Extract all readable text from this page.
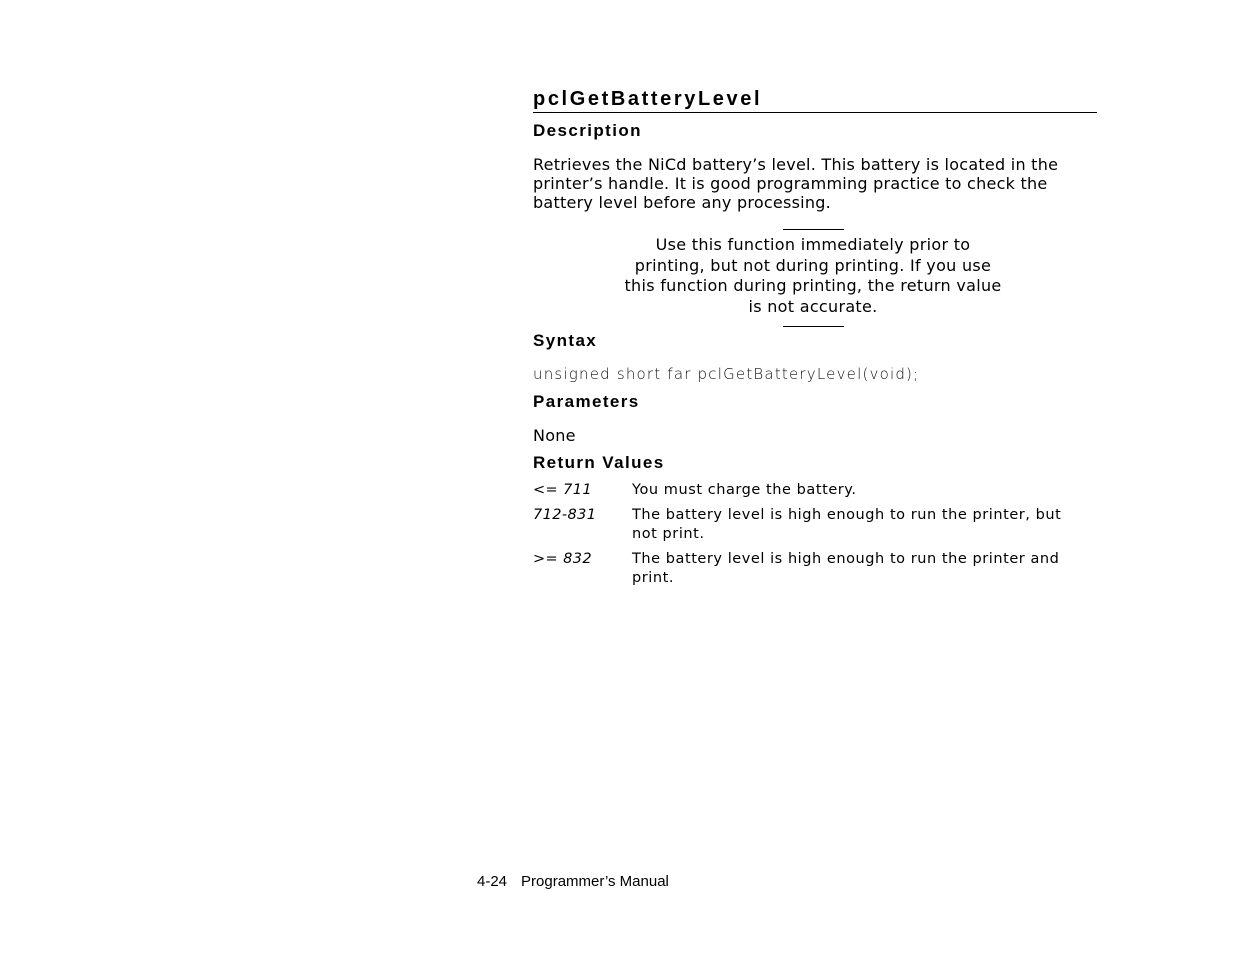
pclGetBatteryLevel
Description
Retrieves the NiCd battery’s level. This battery is located in the
printer’s handle. It is good programming practice to check the
battery level before any processing.
Use this function immediately prior to
printing, but not during printing. If you use
this function during printing, the return value
is not accurate.
Syntax
unsigned short far pclGetBatteryLevel(void);
Parameters
None
Return Values
<= 711	You must charge the battery.
712-831 The battery level is high enough to run the printer, but
not print.
>= 832	The battery level is high enough to run the printer and
print.
4-24 Programmer’s Manual
